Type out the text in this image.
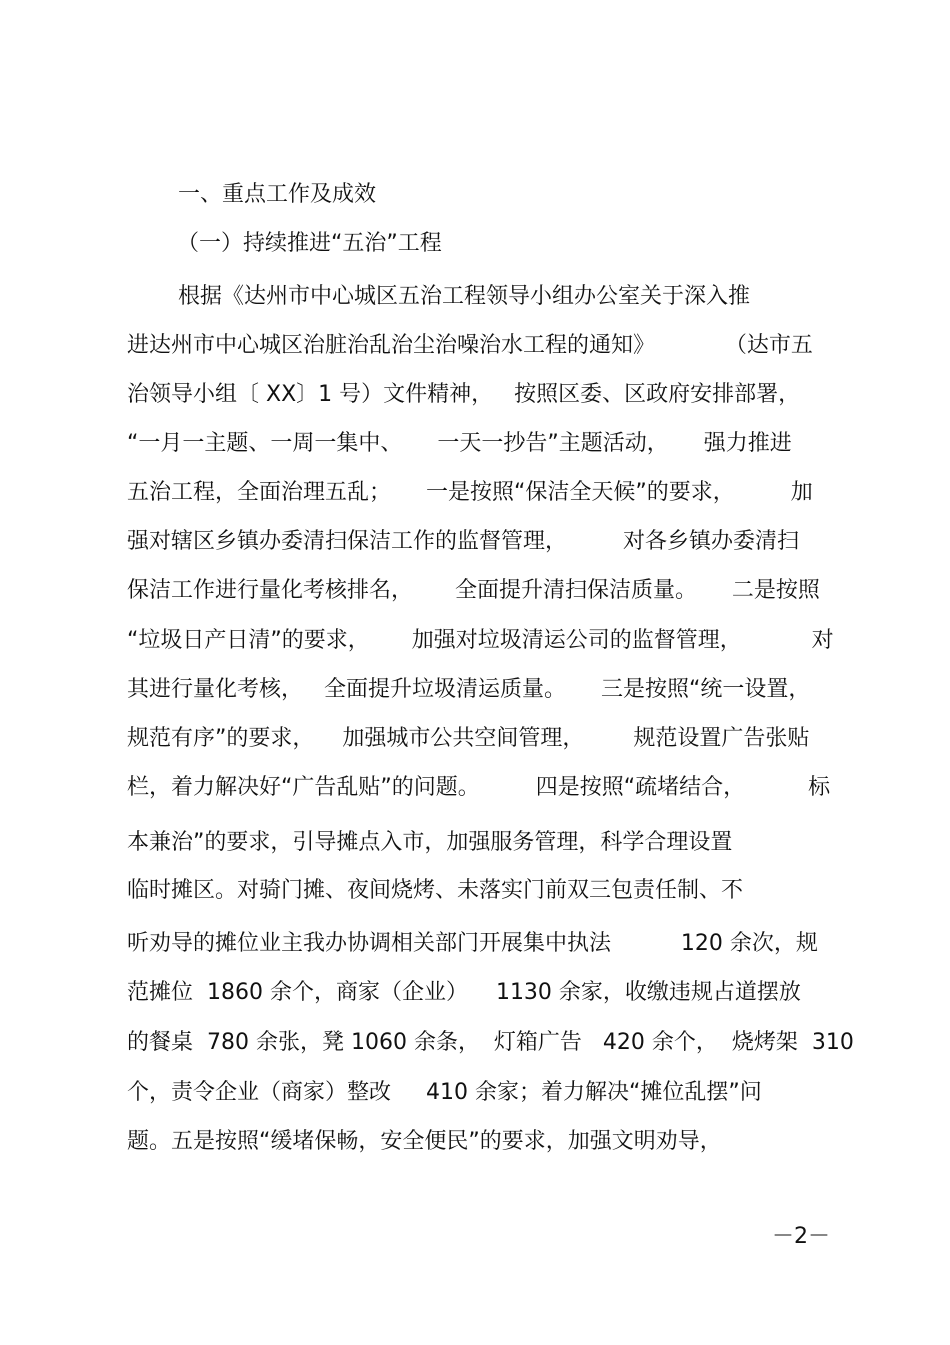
一、重点工作及成效
（一）持续推进“五治”工程
根据《达州市中心城区五治工程领导小组办公室关于深入推
进达州市中心城区治脏治乱治尘治噪治水工程的通知》          （达市五
治领导小组〔 XX〕1 号）文件精神，   按照区委、区政府安排部署，
“一月一主题、一周一集中、     一天一抄告”主题活动，     强力推进
五治工程，全面治理五乱；     一是按照“保洁全天候”的要求，        加
强对辖区乡镇办委清扫保洁工作的监督管理，        对各乡镇办委清扫
保洁工作进行量化考核排名，      全面提升清扫保洁质量。     二是按照
“垃圾日产日清”的要求，      加强对垃圾清运公司的监督管理，          对
其进行量化考核，   全面提升垃圾清运质量。     三是按照“统一设置，
规范有序”的要求，    加强城市公共空间管理，       规范设置广告张贴
栏，着力解决好“广告乱贴”的问题。        四是按照“疏堵结合，         标
本兼治”的要求，引导摊点入市，加强服务管理，科学合理设置
临时摊区。对骑门摊、夜间烧烤、未落实门前双三包责任制、不
听劝导的摊位业主我办协调相关部门开展集中执法          120 余次，规
范摊位  1860 余个，商家（企业）    1130 余家，收缴违规占道摆放
的餐桌  780 余张，凳 1060 余条，  灯箱广告   420 余个，  烧烤架  310
个，责令企业（商家）整改     410 余家；着力解决“摊位乱摆”问
题。五是按照“缓堵保畅，安全便民”的要求，加强文明劝导，
－2－
